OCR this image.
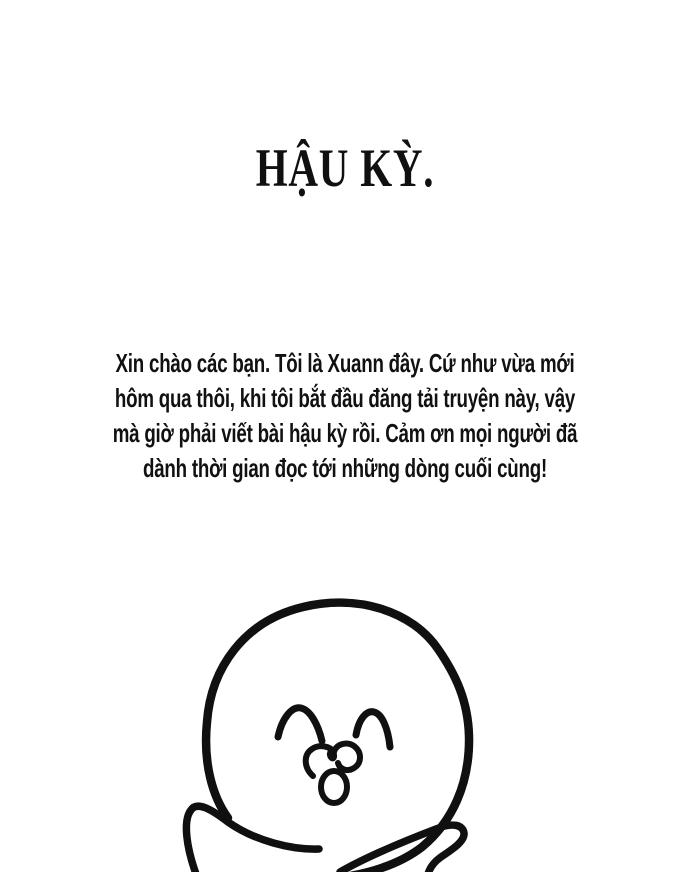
HẬU KỲ.
Xin chào các bạn. Tôi là Xuann đây. Cứ như vừa mới
hôm qua thôi, khi tôi bắt đầu đăng tải truyện này, vậy
mà giờ phải viết bài hậu kỳ rồi. Cảm ơn mọi người đã
dành thời gian đọc tới những dòng cuối cùng!
